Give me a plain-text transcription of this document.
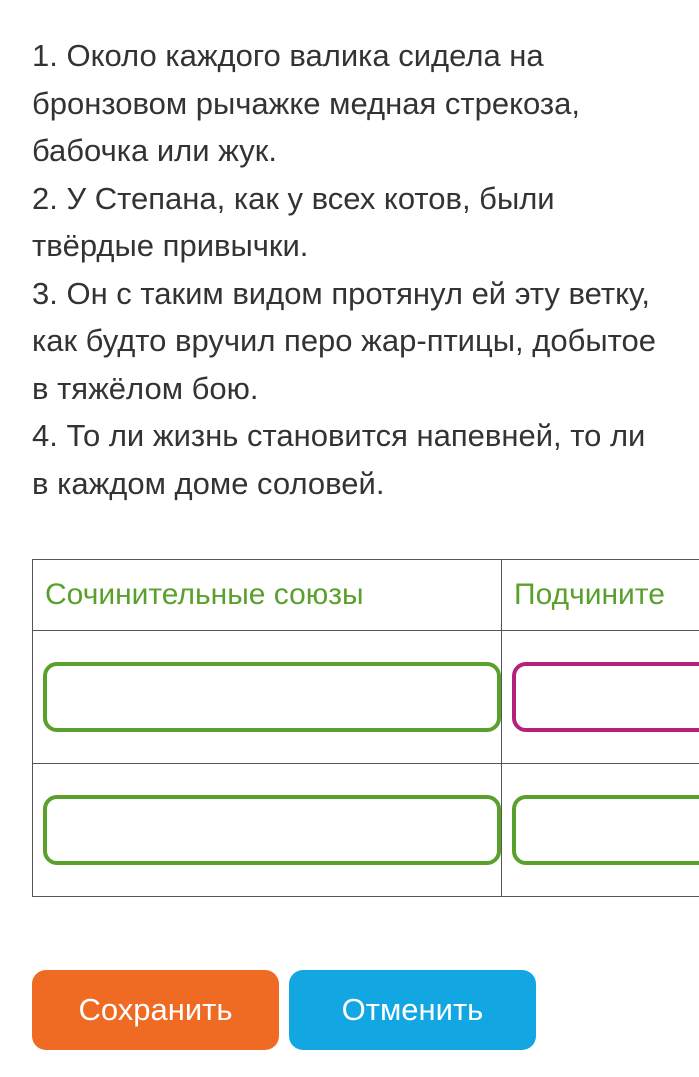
1. Около каждого валика сидела на
бронзовом рычажке медная стрекоза,
бабочка или жук.
2. У Степана, как у всех котов, были
твёрдые привычки.
3. Он с таким видом протянул ей эту ветку,
как будто вручил перо жар-птицы, добытое
в тяжёлом бою.
4. То ли жизнь становится напевней, то ли
в каждом доме соловей.
Сочинительные союзы	Подчините

Сохранить	Отменить
